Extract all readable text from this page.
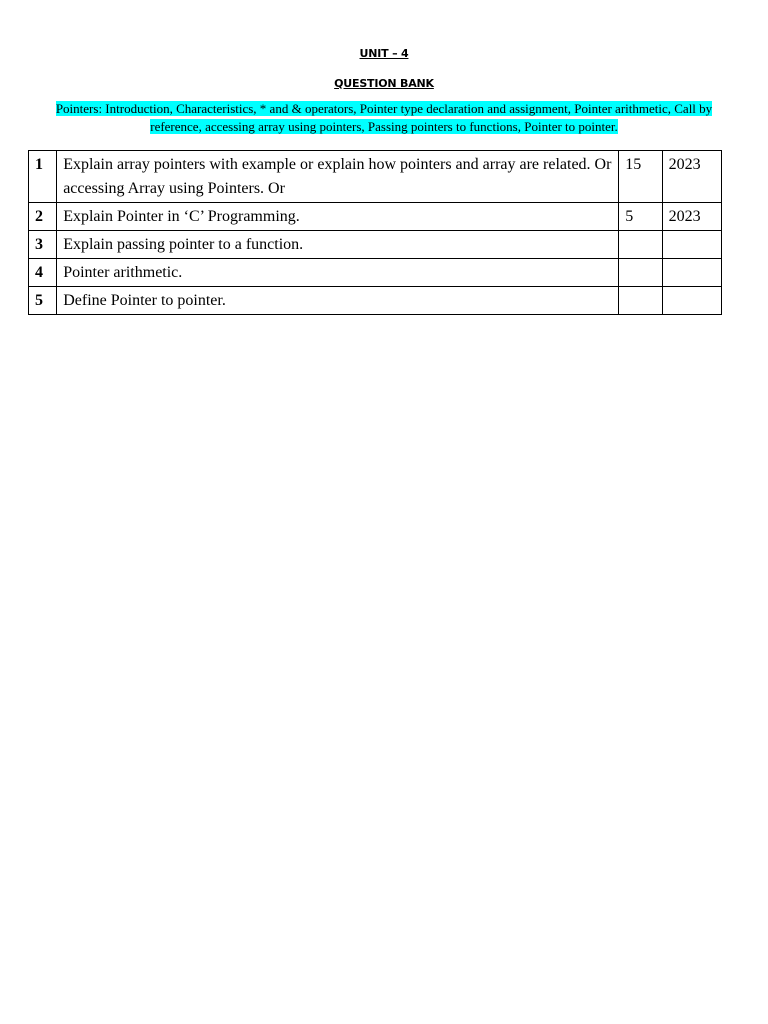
UNIT – 4
QUESTION BANK
Pointers: Introduction, Characteristics, * and & operators, Pointer type declaration and assignment, Pointer arithmetic, Call by reference, accessing array using pointers, Passing pointers to functions, Pointer to pointer.
1	Explain array pointers with example or explain how pointers and array are related. Or accessing Array using Pointers. Or	15	2023
2	Explain Pointer in ‘C’ Programming.	5	2023
3	Explain passing pointer to a function.		
4	Pointer arithmetic.		
5	Define Pointer to pointer.		
